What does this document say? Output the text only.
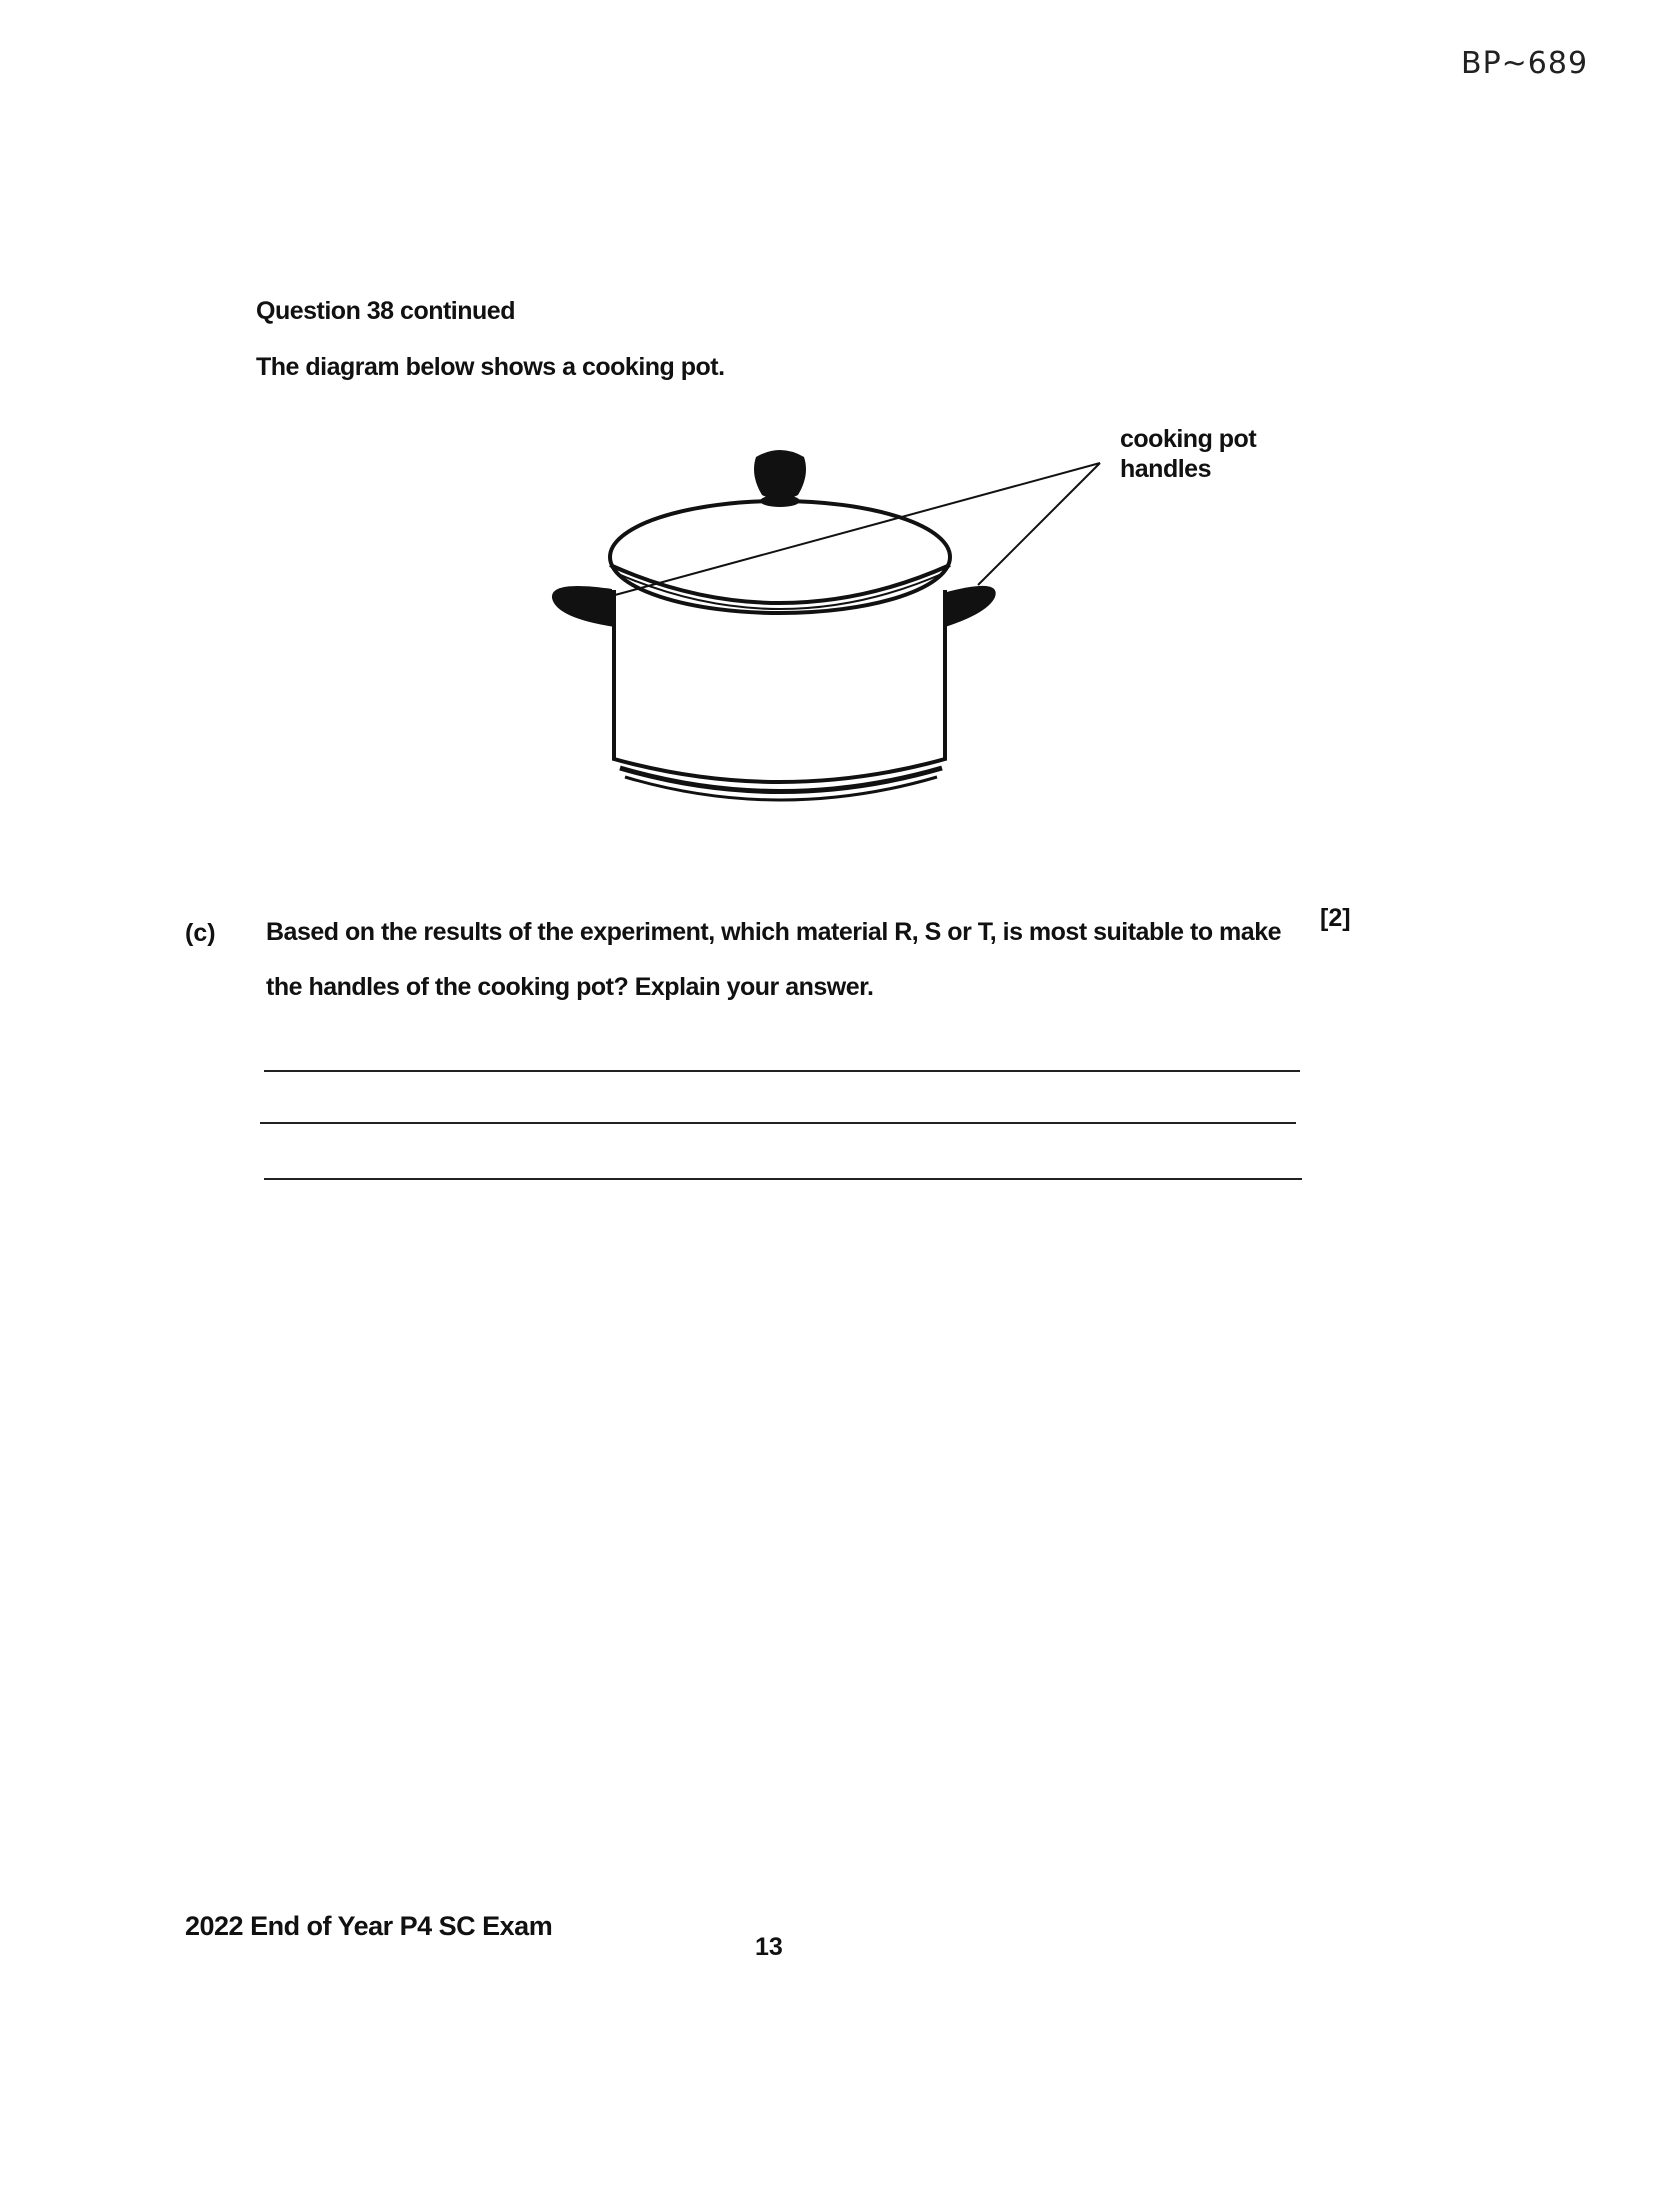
BP~689
Question 38 continued
The diagram below shows a cooking pot.
cooking pot
handles
(c) Based on the results of the experiment, which material R, S or T, is most suitable to make the handles of the cooking pot? Explain your answer.
[2]
2022 End of Year P4 SC Exam
13
